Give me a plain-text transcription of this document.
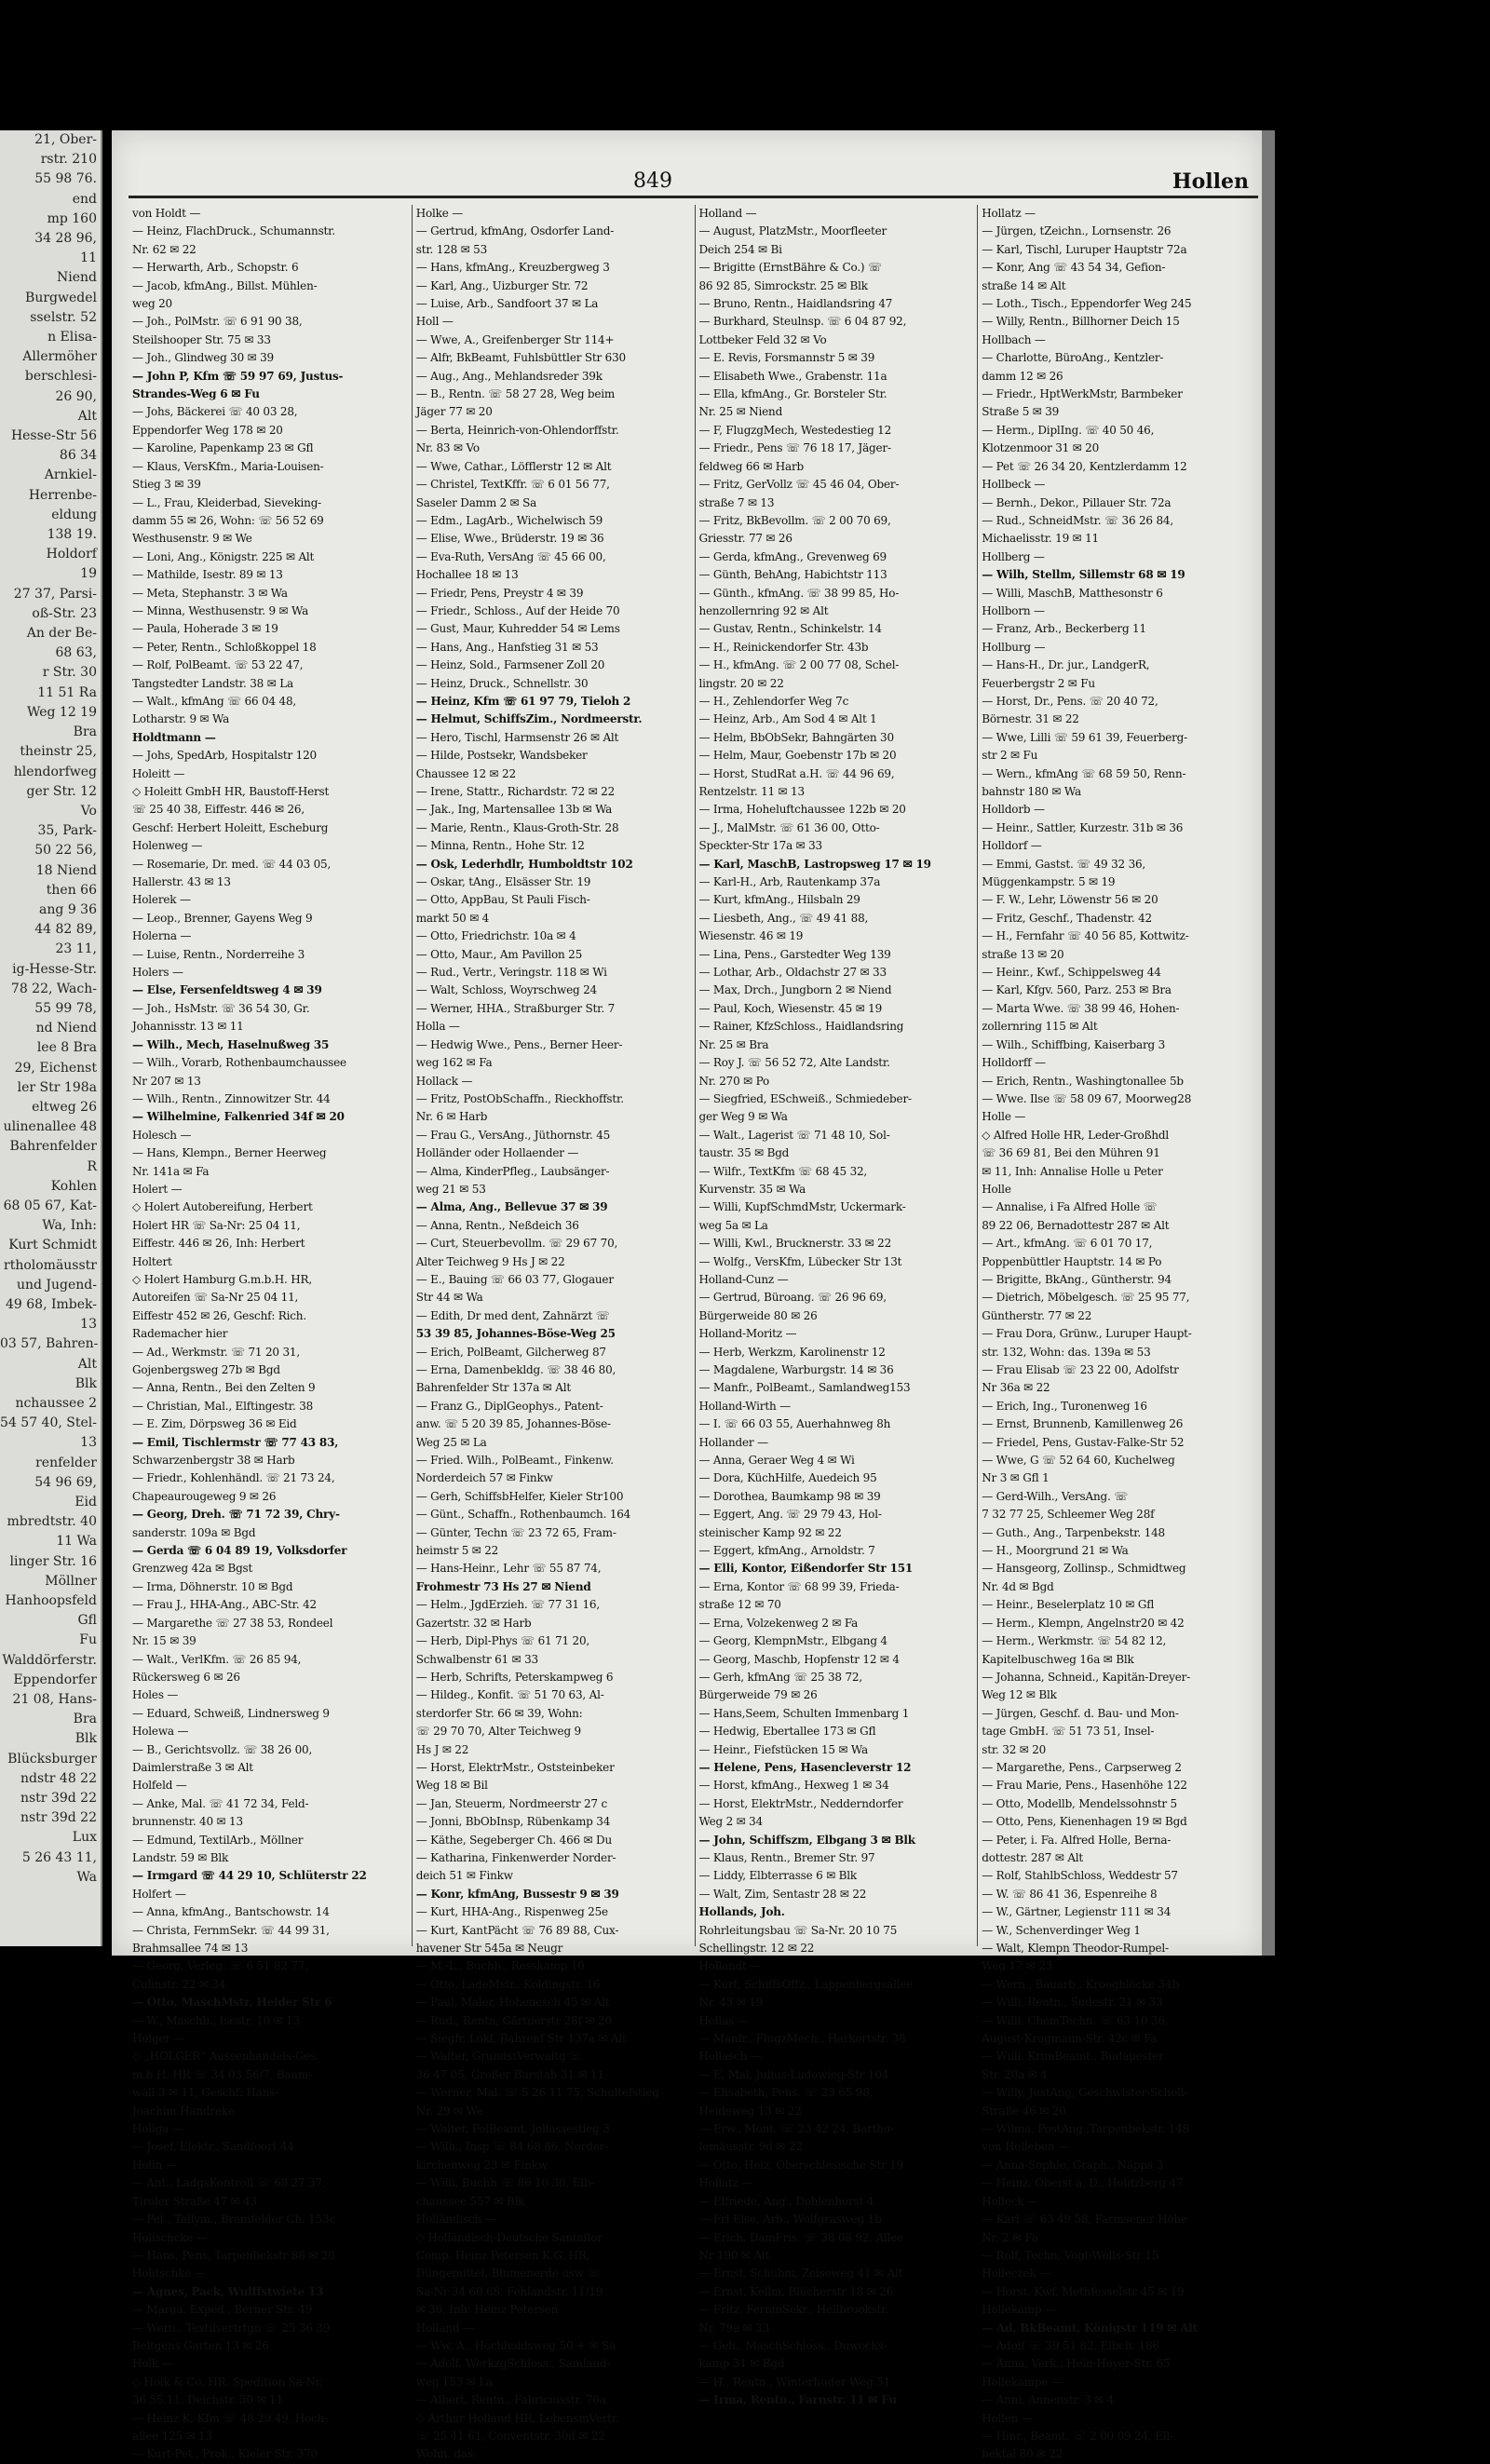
21, Ober-
rstr. 210
55 98 76.
end
mp 160
34 28 96,
11
Niend
Burgwedel
sselstr. 52
n Elisa-
Allermöher
berschlesi-
26 90,
Alt
Hesse-Str 56
86 34
Arnkiel-
Herrenbe-
eldung
138 19.
Holdorf
19
27 37, Parsi-
oß-Str. 23
An der Be-
68 63,
r Str. 30
11 51 Ra
Weg 12 19
Bra
theinstr 25,
hlendorfweg
ger Str. 12
Vo
35, Park-
50 22 56,
18 Niend
then 66
ang 9 36
44 82 89,
23 11,
ig-Hesse-Str.
78 22, Wach-
55 99 78,
nd Niend
lee 8 Bra
29, Eichenst
ler Str 198a
eltweg 26
ulinenallee 48
Bahrenfelder
R
Kohlen
68 05 67, Kat-
Wa, Inh:
Kurt Schmidt
rtholomäusstr
und Jugend-
49 68, Imbek-
13
03 57, Bahren-
Alt
Blk
nchaussee 2
54 57 40, Stel-
13
renfelder
54 96 69,
Eid
mbredtstr. 40
11 Wa
linger Str. 16
Möllner
Hanhoopsfeld
Gfl
Fu
Walddörferstr.
Eppendorfer
21 08, Hans-
Bra
Blk
Blücksburger
ndstr 48 22
nstr 39d 22
nstr 39d 22
Lux
5 26 43 11,
Wa
849	Hollen
von Holdt —
— Heinz, FlachDruck., Schumannstr.
Nr. 62 ✉ 22
— Herwarth, Arb., Schopstr. 6
— Jacob, kfmAng., Billst. Mühlen-
weg 20
— Joh., PolMstr. ☏ 6 91 90 38,
Steilshooper Str. 75 ✉ 33
— Joh., Glindweg 30 ✉ 39
— John P, Kfm ☏ 59 97 69, Justus-
Strandes-Weg 6 ✉ Fu
— Johs, Bäckerei ☏ 40 03 28,
Eppendorfer Weg 178 ✉ 20
— Karoline, Papenkamp 23 ✉ Gfl
— Klaus, VersKfm., Maria-Louisen-
Stieg 3 ✉ 39
— L., Frau, Kleiderbad, Sieveking-
damm 55 ✉ 26, Wohn: ☏ 56 52 69
Westhusenstr. 9 ✉ We
— Loni, Ang., Königstr. 225 ✉ Alt
— Mathilde, Isestr. 89 ✉ 13
— Meta, Stephanstr. 3 ✉ Wa
— Minna, Westhusenstr. 9 ✉ Wa
— Paula, Hoherade 3 ✉ 19
— Peter, Rentn., Schloßkoppel 18
— Rolf, PolBeamt. ☏ 53 22 47,
Tangstedter Landstr. 38 ✉ La
— Walt., kfmAng ☏ 66 04 48,
Lotharstr. 9 ✉ Wa
Holdtmann —
— Johs, SpedArb, Hospitalstr 120
Holeitt —
◇ Holeitt GmbH HR, Baustoff-Herst
☏ 25 40 38, Eiffestr. 446 ✉ 26,
Geschf: Herbert Holeitt, Escheburg
Holenweg —
— Rosemarie, Dr. med. ☏ 44 03 05,
Hallerstr. 43 ✉ 13
Holerek —
— Leop., Brenner, Gayens Weg 9
Holerna —
— Luise, Rentn., Norderreihe 3
Holers —
— Else, Fersenfeldtsweg 4 ✉ 39
— Joh., HsMstr. ☏ 36 54 30, Gr.
Johannisstr. 13 ✉ 11
— Wilh., Mech, Haselnußweg 35
— Wilh., Vorarb, Rothenbaumchaussee
Nr 207 ✉ 13
— Wilh., Rentn., Zinnowitzer Str. 44
— Wilhelmine, Falkenried 34f ✉ 20
Holesch —
— Hans, Klempn., Berner Heerweg
Nr. 141a ✉ Fa
Holert —
◇ Holert Autobereifung, Herbert
Holert HR ☏ Sa-Nr: 25 04 11,
Eiffestr. 446 ✉ 26, Inh: Herbert
Holtert
◇ Holert Hamburg G.m.b.H. HR,
Autoreifen ☏ Sa-Nr 25 04 11,
Eiffestr 452 ✉ 26, Geschf: Rich.
Rademacher hier
— Ad., Werkmstr. ☏ 71 20 31,
Gojenbergsweg 27b ✉ Bgd
— Anna, Rentn., Bei den Zelten 9
— Christian, Mal., Elftingestr. 38
— E. Zim, Dörpsweg 36 ✉ Eid
— Emil, Tischlermstr ☏ 77 43 83,
Schwarzenbergstr 38 ✉ Harb
— Friedr., Kohlenhändl. ☏ 21 73 24,
Chapeaurougeweg 9 ✉ 26
— Georg, Dreh. ☏ 71 72 39, Chry-
sanderstr. 109a ✉ Bgd
— Gerda ☏ 6 04 89 19, Volksdorfer
Grenzweg 42a ✉ Bgst
— Irma, Döhnerstr. 10 ✉ Bgd
— Frau J., HHA-Ang., ABC-Str. 42
— Margarethe ☏ 27 38 53, Rondeel
Nr. 15 ✉ 39
— Walt., VerlKfm. ☏ 26 85 94,
Rückersweg 6 ✉ 26
Holes —
— Eduard, Schweiß, Lindnersweg 9
Holewa —
— B., Gerichtsvollz. ☏ 38 26 00,
Daimlerstraße 3 ✉ Alt
Holfeld —
— Anke, Mal. ☏ 41 72 34, Feld-
brunnenstr. 40 ✉ 13
— Edmund, TextilArb., Möllner
Landstr. 59 ✉ Blk
— Irmgard ☏ 44 29 10, Schlüterstr 22
Holfert —
— Anna, kfmAng., Bantschowstr. 14
— Christa, FernmSekr. ☏ 44 99 31,
Brahmsallee 74 ✉ 13
— Georg, Verleg. ☏ 6 51 82 77,
Culinstr. 22 ✉ 34
— Otto, MaschMstr, Heider Str 6
— W., Maschb., Isestr. 10 ✉ 13
Holger —
◇ „HOLGER“ Aussenhandels-Ges.
m.b.H. HR ☏ 34 03 56/7, Baum-
wall 3 ✉ 11, Geschf: Hans-
Joachim Handreke
Holiga —
— Josef, Elektr., Sandfoort 44
Holin —
— Ant., LadgsKontroll ☏ 68 27 37,
Tiroler Straße 47 ✉ 43
— Pet., Tallym., Bramfelder Ch. 153c
Holischcke —
— Hans, Pens, Tarpenbekstr 88 ✉ 20
Holitschke —
— Agnes, Pack, Wulffstwiete 13
— Marga, Exped., Berner Str. 49
— Wern., Textilvertrtgn ☏ 25 36 39
Beltgens Garten 13 ✉ 26
Holk —
◇ Holk & Co. HR, Spedition Sa-Nr.
36 55 11, Deichstr. 50 ✉ 11
— Heinz K, Kfm ☏ 48 29 49, Hoch-
allee 125 ✉ 13
— Kurt-Pet., Prok., Kieler Str. 370
Holke —
— Gertrud, kfmAng, Osdorfer Land-
str. 128 ✉ 53
— Hans, kfmAng., Kreuzbergweg 3
— Karl, Ang., Uizburger Str. 72
— Luise, Arb., Sandfoort 37 ✉ La
Holl —
— Wwe, A., Greifenberger Str 114+
— Alfr, BkBeamt, Fuhlsbüttler Str 630
— Aug., Ang., Mehlandsreder 39k
— B., Rentn. ☏ 58 27 28, Weg beim
Jäger 77 ✉ 20
— Berta, Heinrich-von-Ohlendorffstr.
Nr. 83 ✉ Vo
— Wwe, Cathar., Löfflerstr 12 ✉ Alt
— Christel, TextKffr. ☏ 6 01 56 77,
Saseler Damm 2 ✉ Sa
— Edm., LagArb., Wichelwisch 59
— Elise, Wwe., Brüderstr. 19 ✉ 36
— Eva-Ruth, VersAng ☏ 45 66 00,
Hochallee 18 ✉ 13
— Friedr, Pens, Preystr 4 ✉ 39
— Friedr., Schloss., Auf der Heide 70
— Gust, Maur, Kuhredder 54 ✉ Lems
— Hans, Ang., Hanfstieg 31 ✉ 53
— Heinz, Sold., Farmsener Zoll 20
— Heinz, Druck., Schnellstr. 30
— Heinz, Kfm ☏ 61 97 79, Tieloh 2
— Helmut, SchiffsZim., Nordmeerstr.
— Hero, Tischl, Harmsenstr 26 ✉ Alt
— Hilde, Postsekr, Wandsbeker
Chaussee 12 ✉ 22
— Irene, Stattr., Richardstr. 72 ✉ 22
— Jak., Ing, Martensallee 13b ✉ Wa
— Marie, Rentn., Klaus-Groth-Str. 28
— Minna, Rentn., Hohe Str. 12
— Osk, Lederhdlr, Humboldtstr 102
— Oskar, tAng., Elsässer Str. 19
— Otto, AppBau, St Pauli Fisch-
markt 50 ✉ 4
— Otto, Friedrichstr. 10a ✉ 4
— Otto, Maur., Am Pavillon 25
— Rud., Vertr., Veringstr. 118 ✉ Wi
— Walt, Schloss, Woyrschweg 24
— Werner, HHA., Straßburger Str. 7
Holla —
— Hedwig Wwe., Pens., Berner Heer-
weg 162 ✉ Fa
Hollack —
— Fritz, PostObSchaffn., Rieckhoffstr.
Nr. 6 ✉ Harb
— Frau G., VersAng., Jüthornstr. 45
Holländer oder Hollaender —
— Alma, KinderPfleg., Laubsänger-
weg 21 ✉ 53
— Alma, Ang., Bellevue 37 ✉ 39
— Anna, Rentn., Neßdeich 36
— Curt, Steuerbevollm. ☏ 29 67 70,
Alter Teichweg 9 Hs J ✉ 22
— E., Bauing ☏ 66 03 77, Glogauer
Str 44 ✉ Wa
— Edith, Dr med dent, Zahnärzt ☏
53 39 85, Johannes-Böse-Weg 25
— Erich, PolBeamt, Gilcherweg 87
— Erna, Damenbekldg. ☏ 38 46 80,
Bahrenfelder Str 137a ✉ Alt
— Franz G., DiplGeophys., Patent-
anw. ☏ 5 20 39 85, Johannes-Böse-
Weg 25 ✉ La
— Fried. Wilh., PolBeamt., Finkenw.
Norderdeich 57 ✉ Finkw
— Gerh, SchiffsbHelfer, Kieler Str100
— Günt., Schaffn., Rothenbaumch. 164
— Günter, Techn ☏ 23 72 65, Fram-
heimstr 5 ✉ 22
— Hans-Heinr., Lehr ☏ 55 87 74,
Frohmestr 73 Hs 27 ✉ Niend
— Helm., JgdErzieh. ☏ 77 31 16,
Gazertstr. 32 ✉ Harb
— Herb, Dipl-Phys ☏ 61 71 20,
Schwalbenstr 61 ✉ 33
— Herb, Schrifts, Peterskampweg 6
— Hildeg., Konfit. ☏ 51 70 63, Al-
sterdorfer Str. 66 ✉ 39, Wohn:
☏ 29 70 70, Alter Teichweg 9
Hs J ✉ 22
— Horst, ElektrMstr., Oststeinbeker
Weg 18 ✉ Bil
— Jan, Steuerm, Nordmeerstr 27 c
— Jonni, BbObInsp, Rübenkamp 34
— Käthe, Segeberger Ch. 466 ✉ Du
— Katharina, Finkenwerder Norder-
deich 51 ✉ Finkw
— Konr, kfmAng, Bussestr 9 ✉ 39
— Kurt, HHA-Ang., Rispenweg 25e
— Kurt, KantPächt ☏ 76 89 88, Cux-
havener Str 545a ✉ Neugr
— M.-L., Buchh., Resskamp 10
— Otto, LadeMstr., Koldingstr. 16
— Paul, Maler, Hohenesch 45 ✉ Alt
— Rud., Rentn, Gärtnerstr 28f ✉ 20
— Siegfr, Lokf, Bahrenf Str 137a ✉ Alt
— Walter, GrundstVerwaltg ☏
36 47 05, Großer Burstah 31 ✉ 11
— Werner, Mal. ☏ 5 26 11 75, Schultefstieg
Nr. 29 ✉ We
— Walter, PolBeamt, Jollassestieg 3
— Wilh., Insp ☏ 84 68 86, Norder-
kirchenweg 23 ✉ Finkw
— Willi, Buchh ☏ 86 10 30, Elb-
chaussee 557 ✉ Blk
Holländisch —
◇ Holländisch-Deutsche Santaflor
Comp. Heinz Petersen K.G. HR,
Düngemittel, Blumenerde usw ☏
Sa-Nr 34 60 68, Fehlandstr. 11/19
✉ 36, Inh: Heinz Petersen
Holland —
— Ww, A., Hochholdsweg 50 + ✉ Sa
— Adolf, WerkzgSchloss., Samland-
weg 153 ✉ La
— Albert, Rentn., Fabriciusstr. 70a
◇ Arthur Holland HR, LebensmVertr.
☏ 25 41 61, Conventstr. 30d ✉ 22
Wohn. das.
Holland —
— August, PlatzMstr., Moorfleeter
Deich 254 ✉ Bi
— Brigitte (ErnstBähre & Co.) ☏
86 92 85, Simrockstr. 25 ✉ Blk
— Bruno, Rentn., Haidlandsring 47
— Burkhard, Steulnsp. ☏ 6 04 87 92,
Lottbeker Feld 32 ✉ Vo
— E. Revis, Forsmannstr 5 ✉ 39
— Elisabeth Wwe., Grabenstr. 11a
— Ella, kfmAng., Gr. Borsteler Str.
Nr. 25 ✉ Niend
— F, FlugzgMech, Westedestieg 12
— Friedr., Pens ☏ 76 18 17, Jäger-
feldweg 66 ✉ Harb
— Fritz, GerVollz ☏ 45 46 04, Ober-
straße 7 ✉ 13
— Fritz, BkBevollm. ☏ 2 00 70 69,
Griesstr. 77 ✉ 26
— Gerda, kfmAng., Grevenweg 69
— Günth, BehAng, Habichtstr 113
— Günth., kfmAng. ☏ 38 99 85, Ho-
henzollernring 92 ✉ Alt
— Gustav, Rentn., Schinkelstr. 14
— H., Reinickendorfer Str. 43b
— H., kfmAng. ☏ 2 00 77 08, Schel-
lingstr. 20 ✉ 22
— H., Zehlendorfer Weg 7c
— Heinz, Arb., Am Sod 4 ✉ Alt 1
— Helm, BbObSekr, Bahngärten 30
— Helm, Maur, Goebenstr 17b ✉ 20
— Horst, StudRat a.H. ☏ 44 96 69,
Rentzelstr. 11 ✉ 13
— Irma, Hoheluftchaussee 122b ✉ 20
— J., MalMstr. ☏ 61 36 00, Otto-
Speckter-Str 17a ✉ 33
— Karl, MaschB, Lastropsweg 17 ✉ 19
— Karl-H., Arb, Rautenkamp 37a
— Kurt, kfmAng., Hilsbaln 29
— Liesbeth, Ang., ☏ 49 41 88,
Wiesenstr. 46 ✉ 19
— Lina, Pens., Garstedter Weg 139
— Lothar, Arb., Oldachstr 27 ✉ 33
— Max, Drch., Jungborn 2 ✉ Niend
— Paul, Koch, Wiesenstr. 45 ✉ 19
— Rainer, KfzSchloss., Haidlandsring
Nr. 25 ✉ Bra
— Roy J. ☏ 56 52 72, Alte Landstr.
Nr. 270 ✉ Po
— Siegfried, ESchweiß., Schmiedeber-
ger Weg 9 ✉ Wa
— Walt., Lagerist ☏ 71 48 10, Sol-
taustr. 35 ✉ Bgd
— Wilfr., TextKfm ☏ 68 45 32,
Kurvenstr. 35 ✉ Wa
— Willi, KupfSchmdMstr, Uckermark-
weg 5a ✉ La
— Willi, Kwl., Brucknerstr. 33 ✉ 22
— Wolfg., VersKfm, Lübecker Str 13t
Holland-Cunz —
— Gertrud, Büroang. ☏ 26 96 69,
Bürgerweide 80 ✉ 26
Holland-Moritz —
— Herb, Werkzm, Karolinenstr 12
— Magdalene, Warburgstr. 14 ✉ 36
— Manfr., PolBeamt., Samlandweg153
Holland-Wirth —
— I. ☏ 66 03 55, Auerhahnweg 8h
Hollander —
— Anna, Geraer Weg 4 ✉ Wi
— Dora, KüchHilfe, Auedeich 95
— Dorothea, Baumkamp 98 ✉ 39
— Eggert, Ang. ☏ 29 79 43, Hol-
steinischer Kamp 92 ✉ 22
— Eggert, kfmAng., Arnoldstr. 7
— Elli, Kontor, Eißendorfer Str 151
— Erna, Kontor ☏ 68 99 39, Frieda-
straße 12 ✉ 70
— Erna, Volzekenweg 2 ✉ Fa
— Georg, KlempnMstr., Elbgang 4
— Georg, Maschb, Hopfenstr 12 ✉ 4
— Gerh, kfmAng ☏ 25 38 72,
Bürgerweide 79 ✉ 26
— Hans,Seem, Schulten Immenbarg 1
— Hedwig, Ebertallee 173 ✉ Gfl
— Heinr., Fiefstücken 15 ✉ Wa
— Helene, Pens, Hasencleverstr 12
— Horst, kfmAng., Hexweg 1 ✉ 34
— Horst, ElektrMstr., Nedderndorfer
Weg 2 ✉ 34
— John, Schiffszm, Elbgang 3 ✉ Blk
— Klaus, Rentn., Bremer Str. 97
— Liddy, Elbterrasse 6 ✉ Blk
— Walt, Zim, Sentastr 28 ✉ 22
Hollands, Joh.
Rohrleitungsbau ☏ Sa-Nr. 20 10 75
Schellingstr. 12 ✉ 22
Hollandt —
— Kurt, SchiffsOffz., Lappenbergsallee
Nr. 43 ✉ 19
Hollas —
— Manfr., FlugzMech., Harkortstr. 38
Hollasch —
— E, Mal, Julius-Ludowieg-Str 104
— Elisabeth, Pens. ☏ 23 65 98,
Heideweg 13 ✉ 22
— Erw., Mont. ☏ 23 42 24, Bartho-
lomäusstr. 9d ✉ 22
— Otto, Heiz, Oberschlesische Str 19
Hollatz —
— Elfriede, Ang., Dohlenhorst 4
— Frl Else, Arb., Wolfgrasweg 1b
— Erich, DamFris. ☏ 38 08 92, Allee
Nr 190 ✉ Alt
— Ernst, Schuhm, Zeiseweg 41 ✉ Alt
— Ernst, Kellm, Blücherstr 18 ✉ 26
— Fritz, FernmSekr., Hellbrookstr.
Nr. 79a ✉ 33
— Geh., MaschSchloss., Duwocks-
kamp 31 ✉ Bgd
— H., Rentn., Winterhuder Weg 51
— Irma, Rentn., Farnstr. 11 ✉ Fu
Hollatz —
— Jürgen, tZeichn., Lornsenstr. 26
— Karl, Tischl, Luruper Hauptstr 72a
— Konr, Ang ☏ 43 54 34, Gefion-
straße 14 ✉ Alt
— Loth., Tisch., Eppendorfer Weg 245
— Willy, Rentn., Billhorner Deich 15
Hollbach —
— Charlotte, BüroAng., Kentzler-
damm 12 ✉ 26
— Friedr., HptWerkMstr, Barmbeker
Straße 5 ✉ 39
— Herm., DiplIng. ☏ 40 50 46,
Klotzenmoor 31 ✉ 20
— Pet ☏ 26 34 20, Kentzlerdamm 12
Hollbeck —
— Bernh., Dekor., Pillauer Str. 72a
— Rud., SchneidMstr. ☏ 36 26 84,
Michaelisstr. 19 ✉ 11
Hollberg —
— Wilh, Stellm, Sillemstr 68 ✉ 19
— Willi, MaschB, Matthesonstr 6
Hollborn —
— Franz, Arb., Beckerberg 11
Hollburg —
— Hans-H., Dr. jur., LandgerR,
Feuerbergstr 2 ✉ Fu
— Horst, Dr., Pens. ☏ 20 40 72,
Börnestr. 31 ✉ 22
— Wwe, Lilli ☏ 59 61 39, Feuerberg-
str 2 ✉ Fu
— Wern., kfmAng ☏ 68 59 50, Renn-
bahnstr 180 ✉ Wa
Holldorb —
— Heinr., Sattler, Kurzestr. 31b ✉ 36
Holldorf —
— Emmi, Gastst. ☏ 49 32 36,
Müggenkampstr. 5 ✉ 19
— F. W., Lehr, Löwenstr 56 ✉ 20
— Fritz, Geschf., Thadenstr. 42
— H., Fernfahr ☏ 40 56 85, Kottwitz-
straße 13 ✉ 20
— Heinr., Kwf., Schippelsweg 44
— Karl, Kfgv. 560, Parz. 253 ✉ Bra
— Marta Wwe. ☏ 38 99 46, Hohen-
zollernring 115 ✉ Alt
— Wilh., Schiffbing, Kaiserbarg 3
Holldorff —
— Erich, Rentn., Washingtonallee 5b
— Wwe. Ilse ☏ 58 09 67, Moorweg28
Holle —
◇ Alfred Holle HR, Leder-Großhdl
☏ 36 69 81, Bei den Mühren 91
✉ 11, Inh: Annalise Holle u Peter
Holle
— Annalise, i Fa Alfred Holle ☏
89 22 06, Bernadottestr 287 ✉ Alt
— Art., kfmAng. ☏ 6 01 70 17,
Poppenbüttler Hauptstr. 14 ✉ Po
— Brigitte, BkAng., Güntherstr. 94
— Dietrich, Möbelgesch. ☏ 25 95 77,
Güntherstr. 77 ✉ 22
— Frau Dora, Grünw., Luruper Haupt-
str. 132, Wohn: das. 139a ✉ 53
— Frau Elisab ☏ 23 22 00, Adolfstr
Nr 36a ✉ 22
— Erich, Ing., Turonenweg 16
— Ernst, Brunnenb, Kamillenweg 26
— Friedel, Pens, Gustav-Falke-Str 52
— Wwe, G ☏ 52 64 60, Kuchelweg
Nr 3 ✉ Gfl 1
— Gerd-Wilh., VersAng. ☏
7 32 77 25, Schleemer Weg 28f
— Guth., Ang., Tarpenbekstr. 148
— H., Moorgrund 21 ✉ Wa
— Hansgeorg, Zollinsp., Schmidtweg
Nr. 4d ✉ Bgd
— Heinr., Beselerplatz 10 ✉ Gfl
— Herm., Klempn, Angelnstr20 ✉ 42
— Herm., Werkmstr. ☏ 54 82 12,
Kapitelbuschweg 16a ✉ Blk
— Johanna, Schneid., Kapitän-Dreyer-
Weg 12 ✉ Blk
— Jürgen, Geschf. d. Bau- und Mon-
tage GmbH. ☏ 51 73 51, Insel-
str. 32 ✉ 20
— Margarethe, Pens., Carpserweg 2
— Frau Marie, Pens., Hasenhöhe 122
— Otto, Modellb, Mendelssohnstr 5
— Otto, Pens, Kienenhagen 19 ✉ Bgd
— Peter, i. Fa. Alfred Holle, Berna-
dottestr. 287 ✉ Alt
— Rolf, StahlbSchloss, Weddestr 57
— W. ☏ 86 41 36, Espenreihe 8
— W., Gärtner, Legienstr 111 ✉ 34
— W., Schenverdinger Weg 1
— Walt, Klempn Theodor-Rumpel-
Weg 17 ✉ 23
— Wern., Bauarb., Kroogblöcke 34b
— Willi, Rentn., Sudestr. 21 ✉ 33
— Willi, ChemTechn. ☏ 63 10 36,
August-Krogmann-Str. 42c ✉ Fa
— Willi, KrimBeamt., Budapester
Str. 20a ✉ 4
— Willy, JustAng, Geschwister-Scholl-
Straße 46 ✉ 20
— Wilma, PostAng.,Tarpenbekstr. 148
von Holleben —
— Anna-Sophie, Graph., Näpps 3
— Heinz, Oberst a. D., Holitzberg 47
Holleck —
— Karl ☏ 63 49 58, Farmsener Höhe
Nr. 2 ✉ Fa
— Rolf, Techn, Vogt-Wells-Str 15
Holleczek —
— Horst, Kwf, Methfesselstr 45 ✉ 19
Hollekamp —
— Ad, BkBeamt, Königstr 119 ✉ Alt
— Adolf ☏ 39 51 82, Elbch. 186
— Anna, Verk., Hein-Hoyer-Str. 65
Hollekampe —
— Anni, Annenstr. 3 ✉ 4
Hollen —
— Hinr., Beamt. ☏ 2 00 09 24, Ell-
bektal 80 ✉ 22
